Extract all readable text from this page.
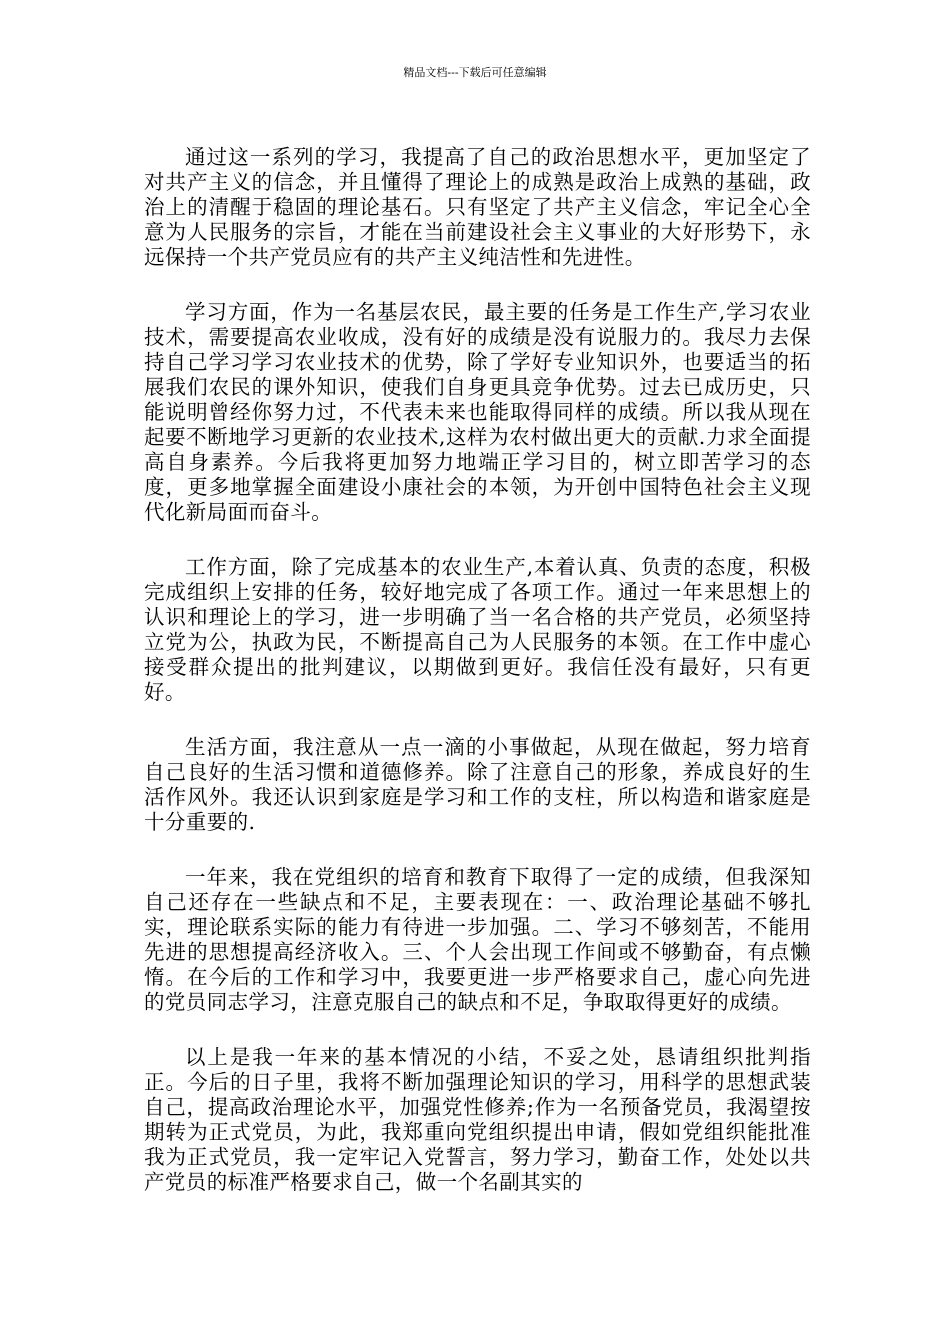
精品文档---下载后可任意编辑

通过这一系列的学习，我提高了自己的政治思想水平，更加坚定了对共产主义的信念，并且懂得了理论上的成熟是政治上成熟的基础，政治上的清醒于稳固的理论基石。只有坚定了共产主义信念，牢记全心全意为人民服务的宗旨，才能在当前建设社会主义事业的大好形势下，永远保持一个共产党员应有的共产主义纯洁性和先进性。

学习方面，作为一名基层农民，最主要的任务是工作生产,学习农业技术，需要提高农业收成，没有好的成绩是没有说服力的。我尽力去保持自己学习学习农业技术的优势，除了学好专业知识外，也要适当的拓展我们农民的课外知识，使我们自身更具竞争优势。过去已成历史，只能说明曾经你努力过，不代表未来也能取得同样的成绩。所以我从现在起要不断地学习更新的农业技术,这样为农村做出更大的贡献.力求全面提高自身素养。今后我将更加努力地端正学习目的，树立即苦学习的态度，更多地掌握全面建设小康社会的本领，为开创中国特色社会主义现代化新局面而奋斗。

工作方面，除了完成基本的农业生产,本着认真、负责的态度，积极完成组织上安排的任务，较好地完成了各项工作。通过一年来思想上的认识和理论上的学习，进一步明确了当一名合格的共产党员，必须坚持立党为公，执政为民，不断提高自己为人民服务的本领。在工作中虚心接受群众提出的批判建议，以期做到更好。我信任没有最好，只有更好。

生活方面，我注意从一点一滴的小事做起，从现在做起，努力培育自己良好的生活习惯和道德修养。除了注意自己的形象，养成良好的生活作风外。我还认识到家庭是学习和工作的支柱，所以构造和谐家庭是十分重要的.

一年来，我在党组织的培育和教育下取得了一定的成绩，但我深知自己还存在一些缺点和不足，主要表现在：一、政治理论基础不够扎实，理论联系实际的能力有待进一步加强。二、学习不够刻苦，不能用先进的思想提高经济收入。三、个人会出现工作间或不够勤奋，有点懒惰。在今后的工作和学习中，我要更进一步严格要求自己，虚心向先进的党员同志学习，注意克服自己的缺点和不足，争取取得更好的成绩。

以上是我一年来的基本情况的小结，不妥之处，恳请组织批判指正。今后的日子里，我将不断加强理论知识的学习，用科学的思想武装自己，提高政治理论水平，加强党性修养;作为一名预备党员，我渴望按期转为正式党员，为此，我郑重向党组织提出申请，假如党组织能批准我为正式党员，我一定牢记入党誓言，努力学习，勤奋工作，处处以共产党员的标准严格要求自己，做一个名副其实的
